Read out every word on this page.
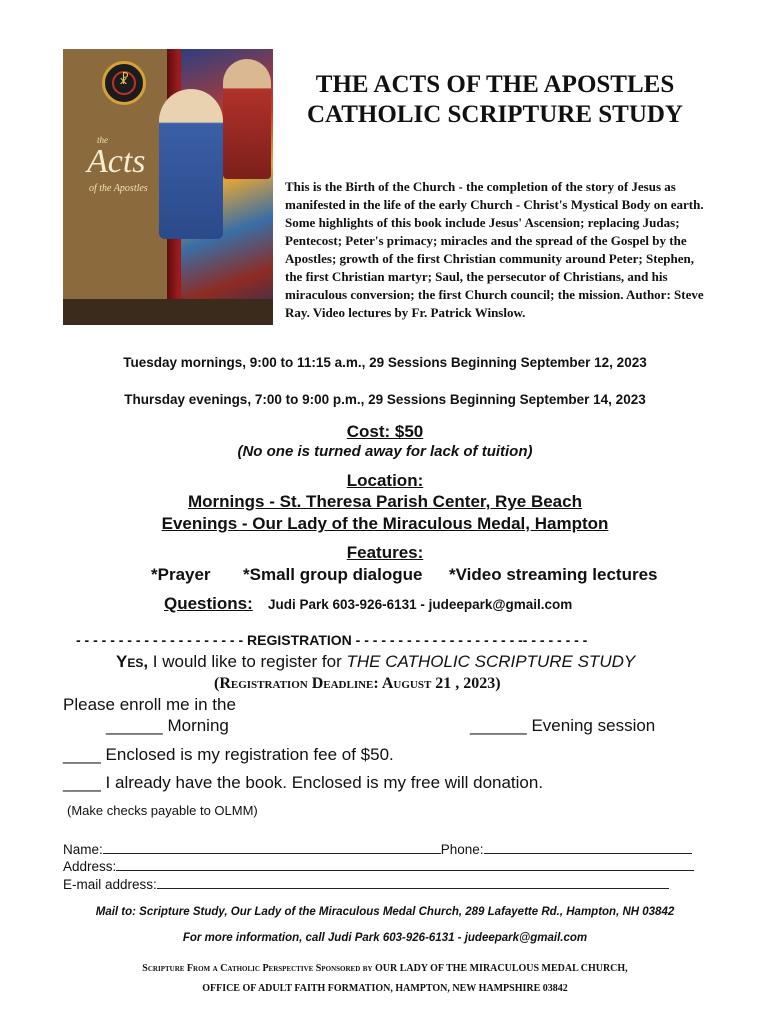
☧
the
Acts
of the Apostles
THE ACTS OF THE APOSTLES
CATHOLIC SCRIPTURE STUDY
This is the Birth of the Church - the completion of the story of Jesus as manifested in the life of the early Church - Christ's Mystical Body on earth. Some highlights of this book include Jesus' Ascension; replacing Judas; Pentecost; Peter's primacy; miracles and the spread of the Gospel by the Apostles; growth of the first Christian community around Peter; Stephen, the first Christian martyr; Saul, the persecutor of Christians, and his miraculous conversion; the first Church council; the mission. Author: Steve Ray. Video lectures by Fr. Patrick Winslow.
Tuesday mornings, 9:00 to 11:15 a.m., 29 Sessions Beginning September 12, 2023
Thursday evenings, 7:00 to 9:00 p.m., 29 Sessions Beginning September 14, 2023
Cost: $50
(No one is turned away for lack of tuition)
Location:
Mornings - St. Theresa Parish Center, Rye Beach
Evenings - Our Lady of the Miraculous Medal, Hampton
Features:
*Prayer *Small group dialogue *Video streaming lectures
Questions: Judi Park 603-926-6131 - judeepark@gmail.com
- - - - - - - - - - - - - - - - - - - - REGISTRATION - - - - - - - - - - - - - - - - - - - -- - - - - - - -
Yes, I would like to register for THE CATHOLIC SCRIPTURE STUDY
(Registration Deadline: August 21 , 2023)
Please enroll me in the
______ Morning	______ Evening session
____ Enclosed is my registration fee of $50.
____ I already have the book. Enclosed is my free will donation.
(Make checks payable to OLMM)
Name:	Phone:
Address:
E-mail address:
Mail to: Scripture Study, Our Lady of the Miraculous Medal Church, 289 Lafayette Rd., Hampton, NH 03842
For more information, call Judi Park 603-926-6131 - judeepark@gmail.com
Scripture From a Catholic Perspective Sponsored by OUR LADY OF THE MIRACULOUS MEDAL CHURCH,
OFFICE OF ADULT FAITH FORMATION, HAMPTON, NEW HAMPSHIRE 03842
